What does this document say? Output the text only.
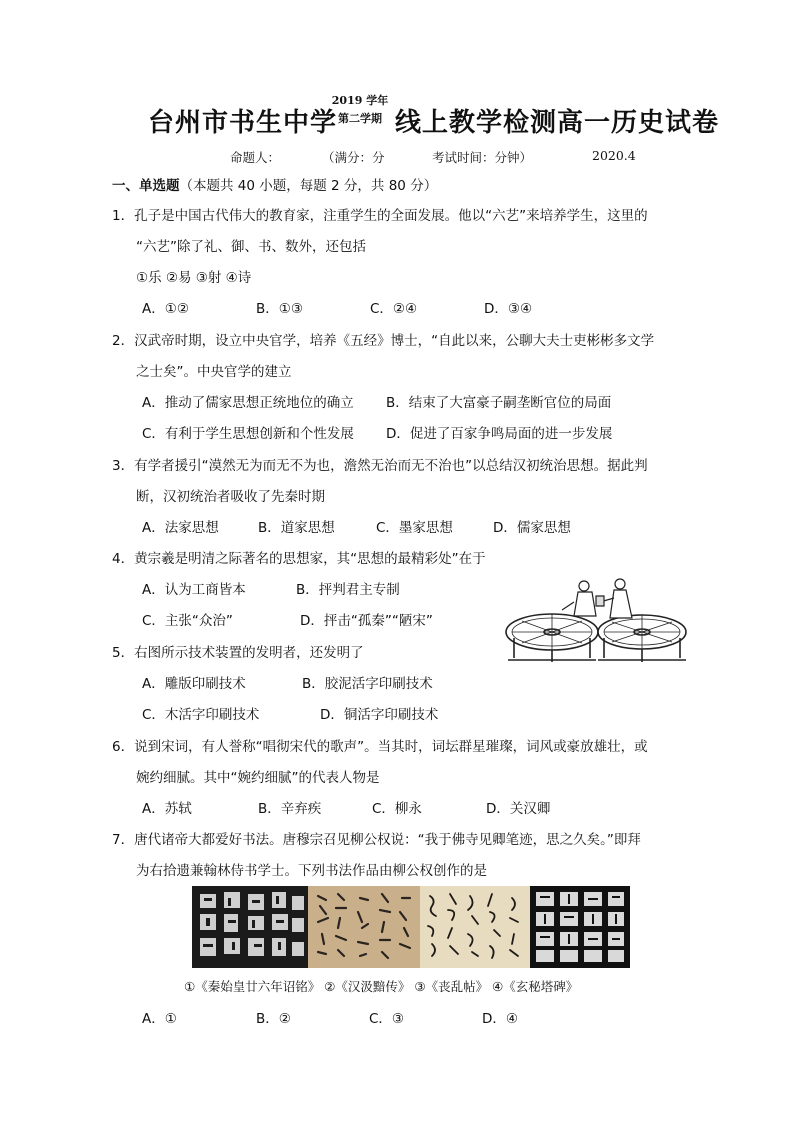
台州市书生中学
2019 学年
第二学期 线上教学检测高一历史试卷
命题人：	（满分：分	考试时间：分钟）	2020.4
一、单选题（本题共 40 小题，每题 2 分，共 80 分）
1．孔子是中国古代伟大的教育家，注重学生的全面发展。他以“六艺”来培养学生，这里的
“六艺”除了礼、御、书、数外，还包括
①乐 ②易 ③射 ④诗
A．①②	B．①③	C．②④	D．③④
2．汉武帝时期，设立中央官学，培养《五经》博士，“自此以来，公聊大夫士吏彬彬多文学
之士矣”。中央官学的建立
A．推动了儒家思想正统地位的确立 B．结束了大富豪子嗣垄断官位的局面
C．有利于学生思想创新和个性发展 D．促进了百家争鸣局面的进一步发展
3．有学者援引“漠然无为而无不为也，澹然无治而无不治也”以总结汉初统治思想。据此判
断，汉初统治者吸收了先秦时期
A．法家思想	B．道家思想	C．墨家思想	D．儒家思想
4．黄宗羲是明清之际著名的思想家，其“思想的最精彩处”在于
A．认为工商皆本	B．抨判君主专制
C．主张“众治”	D．抨击“孤秦”“陋宋”
5．右图所示技术装置的发明者，还发明了
A．雕版印刷技术	B．胶泥活字印刷技术
C．木活字印刷技术	D．铜活字印刷技术
6．说到宋词，有人誉称“唱彻宋代的歌声”。当其时，词坛群星璀璨，词风或豪放雄壮，或
婉约细腻。其中“婉约细腻”的代表人物是
A．苏轼	B．辛弃疾	C．柳永	D．关汉卿
7．唐代诸帝大都爱好书法。唐穆宗召见柳公权说：“我于佛寺见卿笔迹，思之久矣。”即拜
为右拾遗兼翰林侍书学士。下列书法作品由柳公权创作的是
①《秦始皇廿六年诏铭》 ②《汉汲黯传》 ③《丧乱帖》 ④《玄秘塔碑》
A．①	B．②	C．③	D．④
